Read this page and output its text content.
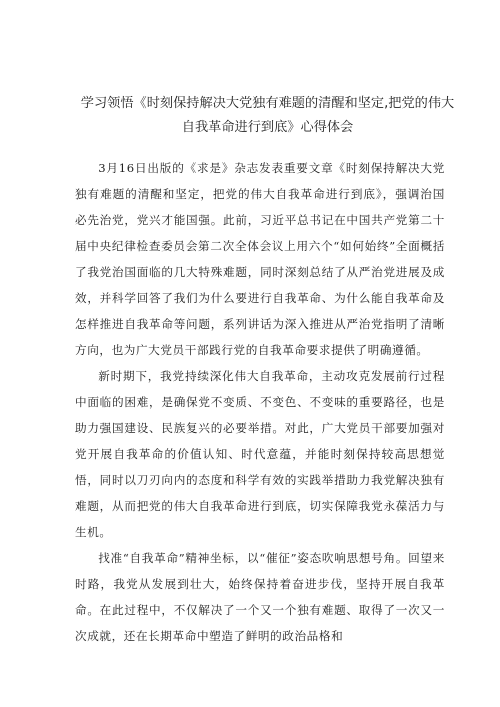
学习领悟《时刻保持解决大党独有难题的清醒和坚定,把党的伟大
自我革命进行到底》心得体会

3月16日出版的《求是》杂志发表重要文章《时刻保持解决大党独有难题的清醒和坚定，把党的伟大自我革命进行到底》，强调治国必先治党，党兴才能国强。此前，习近平总书记在中国共产党第二十届中央纪律检查委员会第二次全体会议上用六个“如何始终”全面概括了我党治国面临的几大特殊难题，同时深刻总结了从严治党进展及成效，并科学回答了我们为什么要进行自我革命、为什么能自我革命及怎样推进自我革命等问题，系列讲话为深入推进从严治党指明了清晰方向，也为广大党员干部践行党的自我革命要求提供了明确遵循。

新时期下，我党持续深化伟大自我革命，主动攻克发展前行过程中面临的困难，是确保党不变质、不变色、不变味的重要路径，也是助力强国建设、民族复兴的必要举措。对此，广大党员干部要加强对党开展自我革命的价值认知、时代意蕴，并能时刻保持较高思想觉悟，同时以刀刃向内的态度和科学有效的实践举措助力我党解决独有难题，从而把党的伟大自我革命进行到底，切实保障我党永葆活力与生机。

找准“自我革命”精神坐标，以“催征”姿态吹响思想号角。回望来时路，我党从发展到壮大，始终保持着奋进步伐，坚持开展自我革命。在此过程中，不仅解决了一个又一个独有难题、取得了一次又一次成就，还在长期革命中塑造了鲜明的政治品格和
